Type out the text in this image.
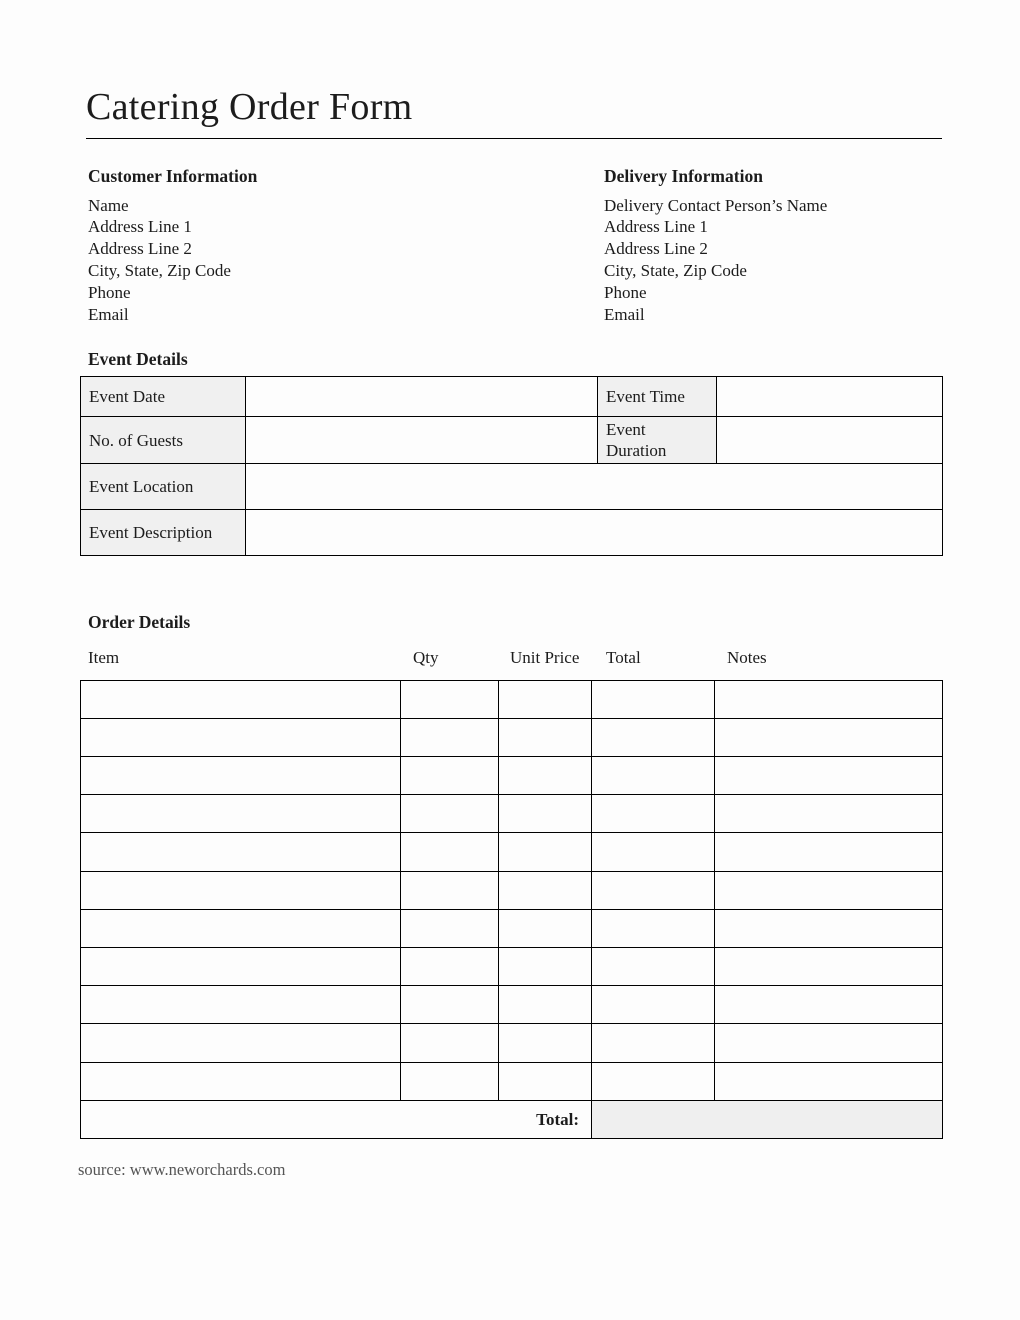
Catering Order Form
Customer Information

Name

Address Line 1

Address Line 2

City, State, Zip Code

Phone

Email

Delivery Information

Delivery Contact Person’s Name

Address Line 1

Address Line 2

City, State, Zip Code

Phone

Email

Event Details
Event Date		Event Time	
No. of Guests		Event Duration	
Event Location			
Event Description			
Order Details
Item	Qty	Unit Price	Total	Notes

Total:				

source: www.neworchards.com
